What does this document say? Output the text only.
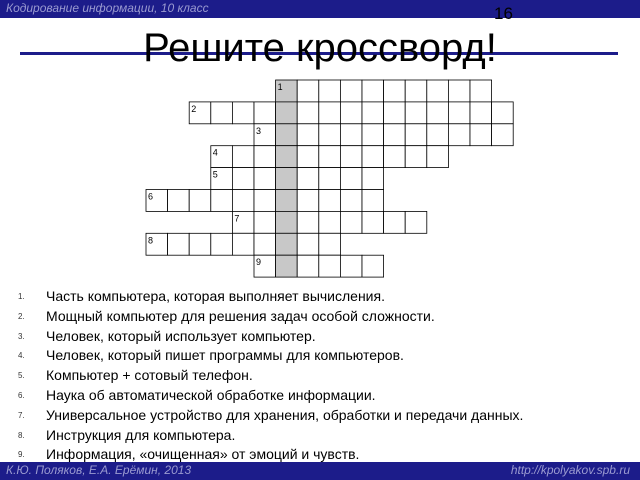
Кодирование информации, 10 класс	16
Решите кроссворд!
1
2
3
4
5
6
7
8
9
1.	Часть компьютера, которая выполняет вычисления.
2.	Мощный компьютер для решения задач особой сложности.
3.	Человек, который использует компьютер.
4.	Человек, который пишет программы для компьютеров.
5.	Компьютер + сотовый телефон.
6.	Наука об автоматической обработке информации.
7.	Универсальное устройство для хранения, обработки и передачи данных.
8.	Инструкция для компьютера.
9.	Информация, «очищенная» от эмоций и чувств.
К.Ю. Поляков, Е.А. Ерёмин, 2013	http://kpolyakov.spb.ru
